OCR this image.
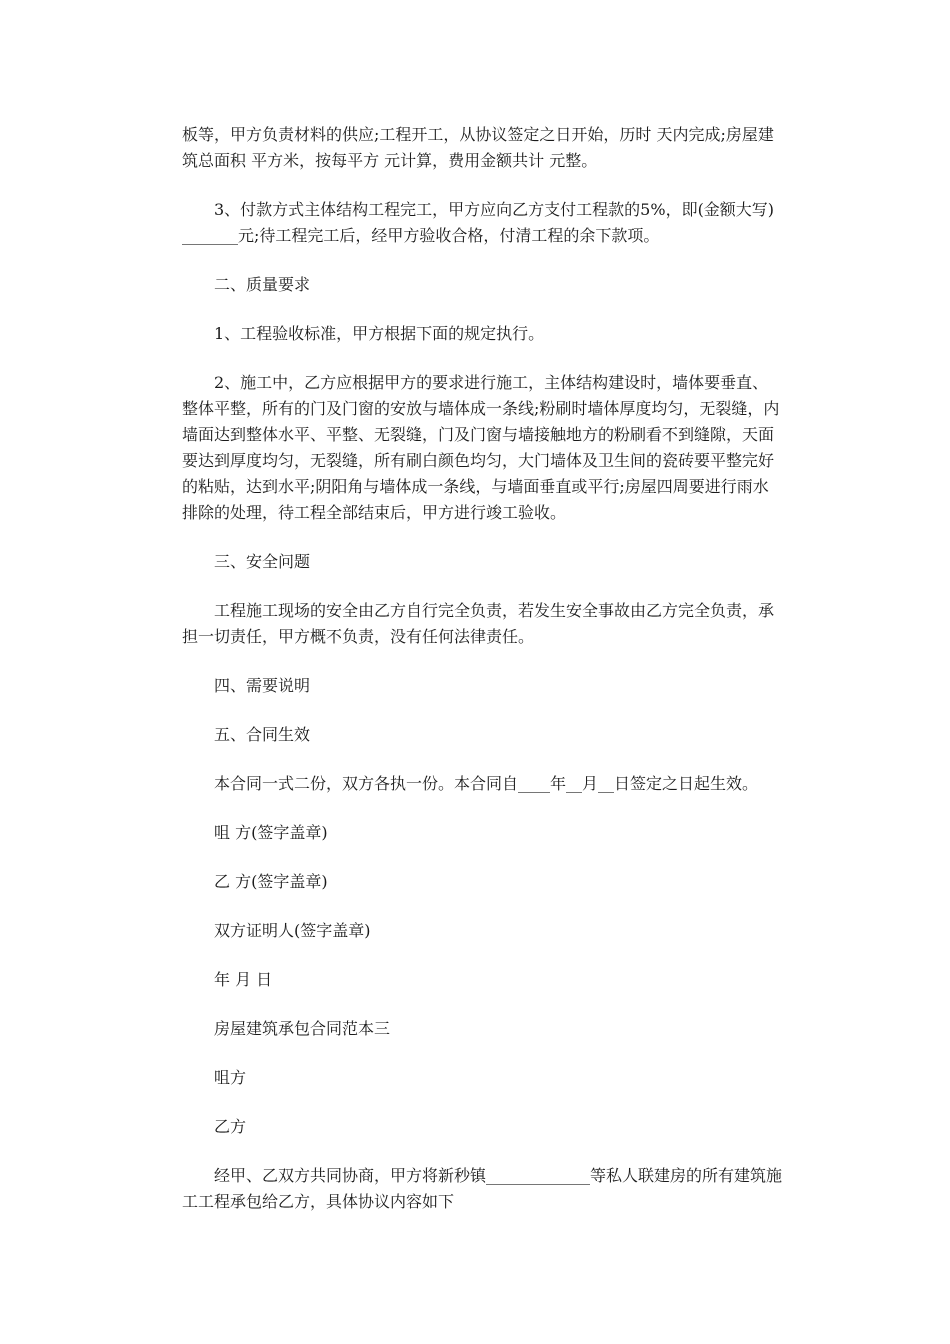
板等，甲方负责材料的供应;工程开工，从协议签定之日开始，历时 天内完成;房屋建筑总面积 平方米，按每平方 元计算，费用金额共计 元整。

3、付款方式主体结构工程完工，甲方应向乙方支付工程款的5%，即(金额大写)_______元;待工程完工后，经甲方验收合格，付清工程的余下款项。

二、质量要求

1、工程验收标准，甲方根据下面的规定执行。

2、施工中，乙方应根据甲方的要求进行施工，主体结构建设时，墙体要垂直、整体平整，所有的门及门窗的安放与墙体成一条线;粉刷时墙体厚度均匀，无裂缝，内墙面达到整体水平、平整、无裂缝，门及门窗与墙接触地方的粉刷看不到缝隙，天面要达到厚度均匀，无裂缝，所有刷白颜色均匀，大门墙体及卫生间的瓷砖要平整完好的粘贴，达到水平;阴阳角与墙体成一条线，与墙面垂直或平行;房屋四周要进行雨水排除的处理，待工程全部结束后，甲方进行竣工验收。

三、安全问题

工程施工现场的安全由乙方自行完全负责，若发生安全事故由乙方完全负责，承担一切责任，甲方概不负责，没有任何法律责任。

四、需要说明

五、合同生效

本合同一式二份，双方各执一份。本合同自____年__月__日签定之日起生效。

咀 方(签字盖章)

乙 方(签字盖章)

双方证明人(签字盖章)

年 月 日

房屋建筑承包合同范本三

咀方

乙方

经甲、乙双方共同协商，甲方将新秒镇_____________等私人联建房的所有建筑施工工程承包给乙方，具体协议内容如下
